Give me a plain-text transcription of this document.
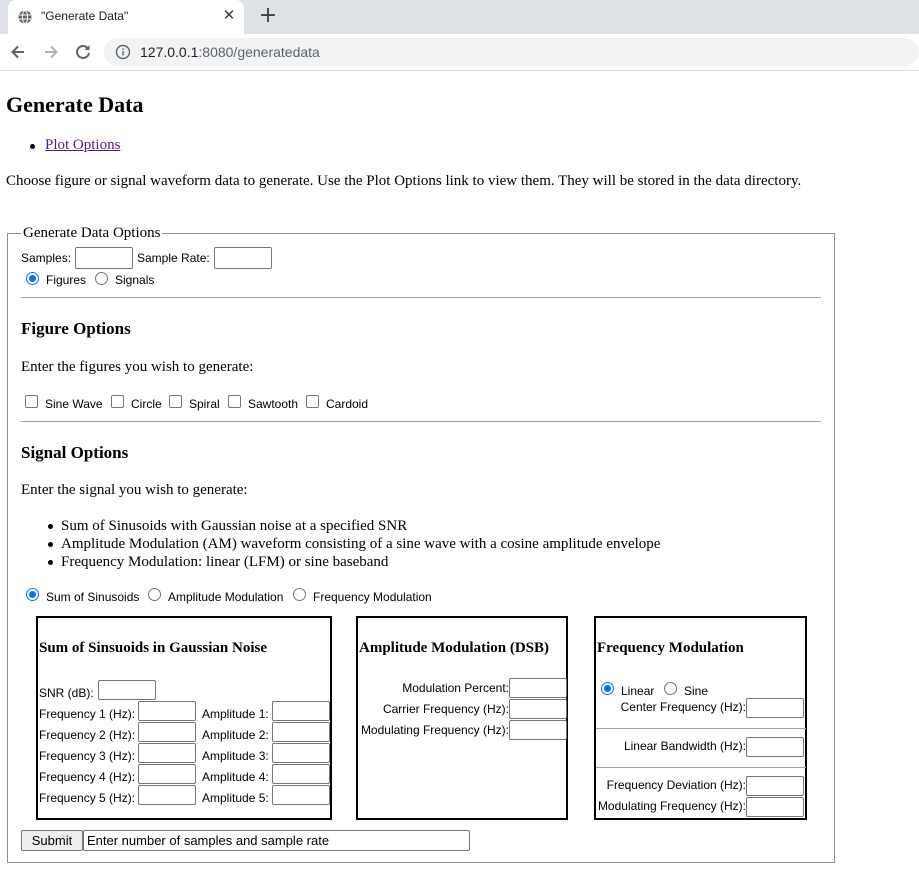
"Generate Data"	✕ +
127.0.0.1:8080/generatedata
Generate Data
Plot Options

Choose figure or signal waveform data to generate. Use the Plot Options link to view them. They will be stored in the data directory.

Generate Data Options
Samples:	Sample Rate:
Figures Signals
Figure Options

Enter the figures you wish to generate:

Sine Wave Circle Spiral Sawtooth Cardoid
Signal Options

Enter the signal you wish to generate:

Sum of Sinusoids with Gaussian noise at a specified SNR
Amplitude Modulation (AM) waveform consisting of a sine wave with a cosine amplitude envelope
Frequency Modulation: linear (LFM) or sine baseband
Sum of Sinusoids Amplitude Modulation Frequency Modulation
Sum of Sinsuoids in Gaussian Noise
SNR (dB):
Frequency 1 (Hz):	Amplitude 1:
Frequency 2 (Hz):	Amplitude 2:
Frequency 3 (Hz):	Amplitude 3:
Frequency 4 (Hz):	Amplitude 4:
Frequency 5 (Hz):	Amplitude 5:
Amplitude Modulation (DSB)
Modulation Percent:
Carrier Frequency (Hz):
Modulating Frequency (Hz):
Frequency Modulation
Linear Sine
Center Frequency (Hz):
Linear Bandwidth (Hz):
Frequency Deviation (Hz):
Modulating Frequency (Hz):
Submit	Enter number of samples and sample rate
